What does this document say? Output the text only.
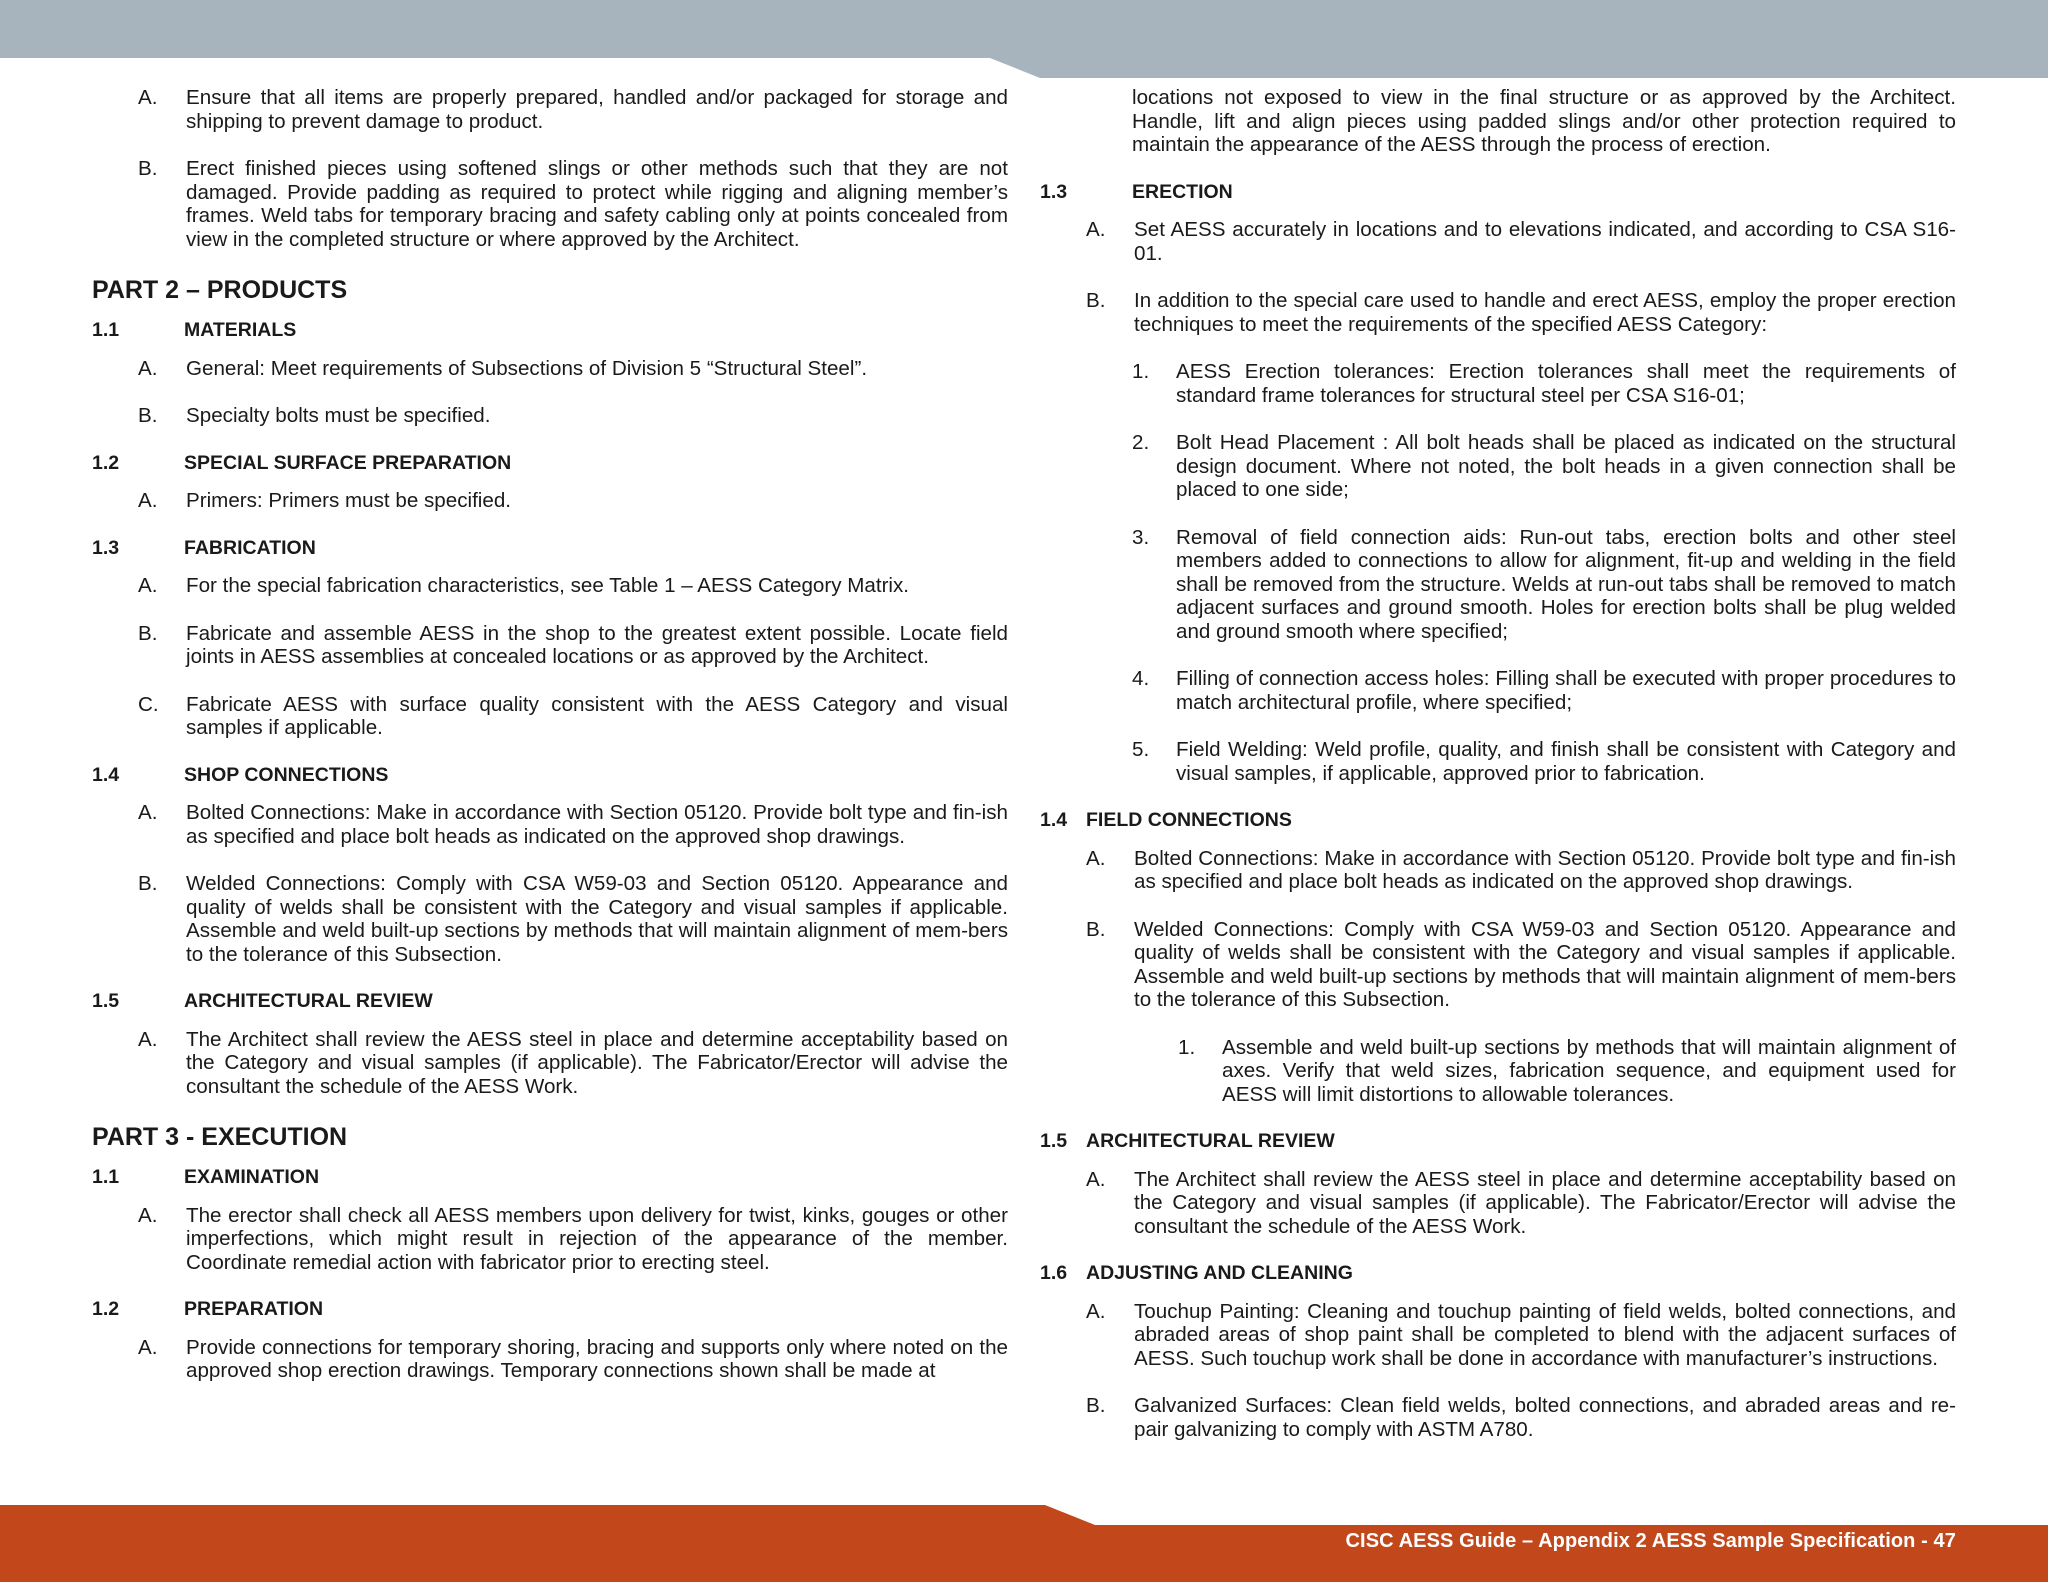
CISC AESS Guide – Appendix 2 AESS Sample Specification - 47
A.	Ensure that all items are properly prepared, handled and/or packaged for storage and shipping to prevent damage to product.
B.	Erect finished pieces using softened slings or other methods such that they are not damaged. Provide padding as required to protect while rigging and aligning member’s frames. Weld tabs for temporary bracing and safety cabling only at points concealed from view in the completed structure or where approved by the Architect.
PART 2 – PRODUCTS
1.1	MATERIALS
A.	General: Meet requirements of Subsections of Division 5 “Structural Steel”.
B.	Specialty bolts must be specified.
1.2	SPECIAL SURFACE PREPARATION
A.	Primers: Primers must be specified.
1.3	FABRICATION
A.	For the special fabrication characteristics, see Table 1 – AESS Category Matrix.
B.	Fabricate and assemble AESS in the shop to the greatest extent possible. Locate field joints in AESS assemblies at concealed locations or as approved by the Architect.
C.	Fabricate AESS with surface quality consistent with the AESS Category and visual samples if applicable.
1.4	SHOP CONNECTIONS
A.	Bolted Connections: Make in accordance with Section 05120. Provide bolt type and fin-ish as specified and place bolt heads as indicated on the approved shop drawings.
B.	Welded Connections: Comply with CSA W59-03 and Section 05120. Appearance and quality of welds shall be consistent with the Category and visual samples if applicable. Assemble and weld built-up sections by methods that will maintain alignment of mem-bers to the tolerance of this Subsection.
1.5	ARCHITECTURAL REVIEW
A.	The Architect shall review the AESS steel in place and determine acceptability based on the Category and visual samples (if applicable). The Fabricator/Erector will advise the consultant the schedule of the AESS Work.
PART 3 - EXECUTION
1.1	EXAMINATION
A.	The erector shall check all AESS members upon delivery for twist, kinks, gouges or other imperfections, which might result in rejection of the appearance of the member. Coordinate remedial action with fabricator prior to erecting steel.
1.2	PREPARATION
A.	Provide connections for temporary shoring, bracing and supports only where noted on the approved shop erection drawings. Temporary connections shown shall be made at
locations not exposed to view in the final structure or as approved by the Architect. Handle, lift and align pieces using padded slings and/or other protection required to maintain the appearance of the AESS through the process of erection.
1.3	ERECTION
A.	Set AESS accurately in locations and to elevations indicated, and according to CSA S16-01.
B.	In addition to the special care used to handle and erect AESS, employ the proper erection techniques to meet the requirements of the specified AESS Category:
1.	AESS Erection tolerances: Erection tolerances shall meet the requirements of standard frame tolerances for structural steel per CSA S16-01;
2.	Bolt Head Placement : All bolt heads shall be placed as indicated on the structural design document. Where not noted, the bolt heads in a given connection shall be placed to one side;
3.	Removal of field connection aids: Run-out tabs, erection bolts and other steel members added to connections to allow for alignment, fit-up and welding in the field shall be removed from the structure. Welds at run-out tabs shall be removed to match adjacent surfaces and ground smooth. Holes for erection bolts shall be plug welded and ground smooth where specified;
4.	Filling of connection access holes: Filling shall be executed with proper procedures to match architectural profile, where specified;
5.	Field Welding: Weld profile, quality, and finish shall be consistent with Category and visual samples, if applicable, approved prior to fabrication.
1.4 FIELD CONNECTIONS
A.	Bolted Connections: Make in accordance with Section 05120. Provide bolt type and fin-ish as specified and place bolt heads as indicated on the approved shop drawings.
B.	Welded Connections: Comply with CSA W59-03 and Section 05120. Appearance and quality of welds shall be consistent with the Category and visual samples if applicable. Assemble and weld built-up sections by methods that will maintain alignment of mem-bers to the tolerance of this Subsection.
1.	Assemble and weld built-up sections by methods that will maintain alignment of axes. Verify that weld sizes, fabrication sequence, and equipment used for AESS will limit distortions to allowable tolerances.
1.5 ARCHITECTURAL REVIEW
A.	The Architect shall review the AESS steel in place and determine acceptability based on the Category and visual samples (if applicable). The Fabricator/Erector will advise the consultant the schedule of the AESS Work.
1.6 ADJUSTING AND CLEANING
A.	Touchup Painting: Cleaning and touchup painting of field welds, bolted connections, and abraded areas of shop paint shall be completed to blend with the adjacent surfaces of AESS. Such touchup work shall be done in accordance with manufacturer’s instructions.
B.	Galvanized Surfaces: Clean field welds, bolted connections, and abraded areas and re-pair galvanizing to comply with ASTM A780.
